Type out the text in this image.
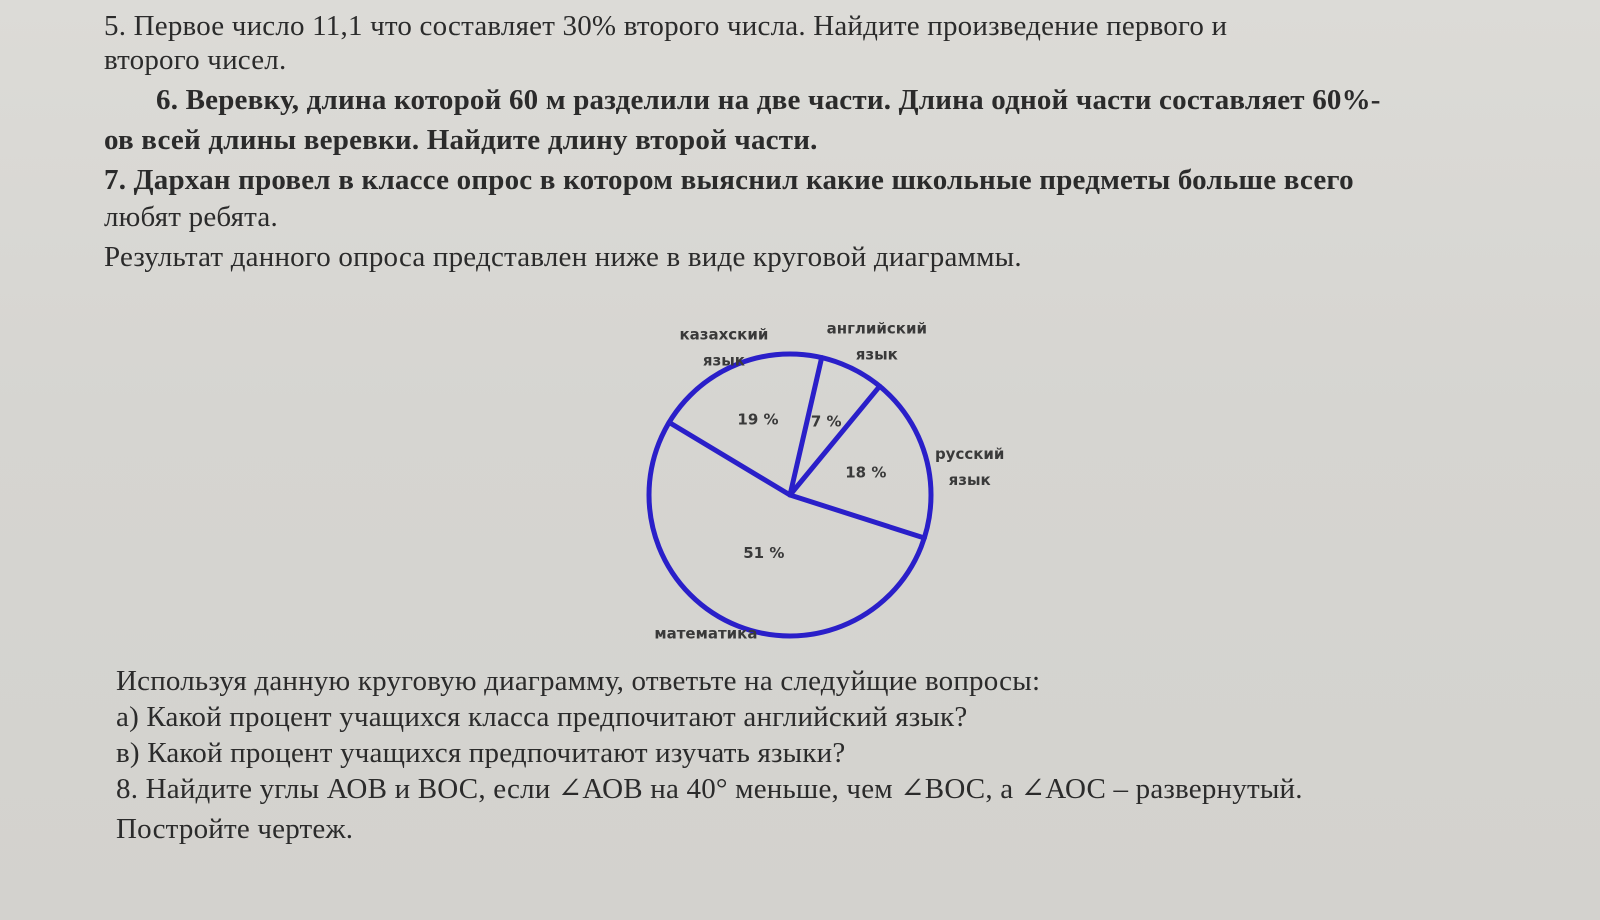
5. Первое число 11,1 что составляет 30% второго числа. Найдите произведение первого и
второго чисел.
6. Веревку, длина которой 60 м разделили на две части. Длина одной части составляет 60%-
ов всей длины веревки. Найдите длину второй части.
7. Дархан провел в классе опрос в котором выяснил какие школьные предметы больше всего
любят ребята.
Результат данного опроса представлен ниже в виде круговой диаграммы.
19 % 7 %
18 %
51 %
казахский
язык
английский
язык
русский
язык
математика
Используя данную круговую диаграмму, ответьте на следуйщие вопросы:
а) Какой процент учащихся класса предпочитают английский язык?
в) Какой процент учащихся предпочитают изучать языки?
8. Найдите углы АОВ и ВОС, если ∠АОВ на 40° меньше, чем ∠ВОС, а ∠АОС – развернутый.
Постройте чертеж.
